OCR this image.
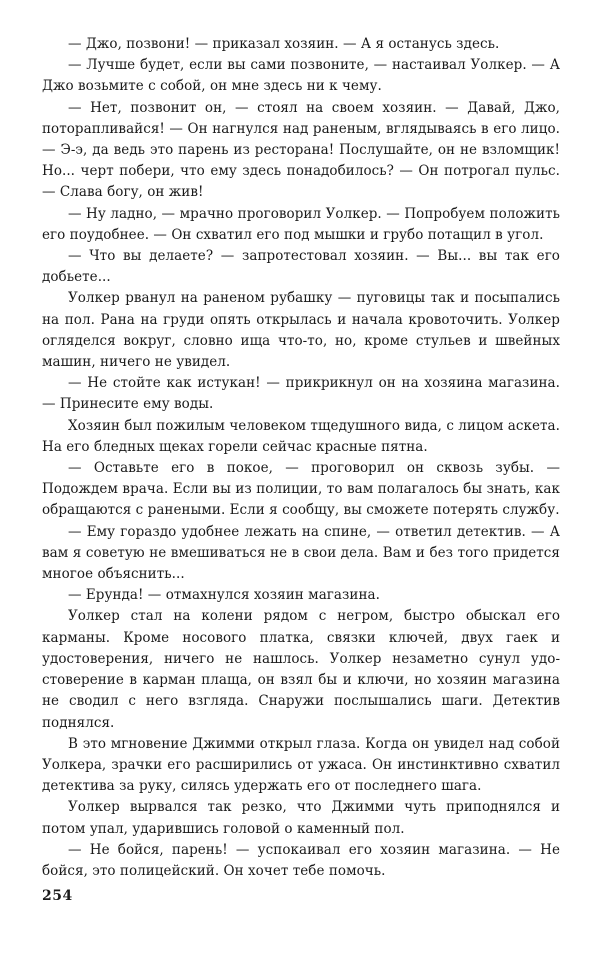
— Джо, позвони! — приказал хозяин. — А я останусь здесь.

— Лучше будет, если вы сами позвоните, — настаивал Уолкер. — А Джо возьмите с собой, он мне здесь ни к чему.

— Нет, позвонит он, — стоял на своем хозяин. — Давай, Джо, поторапливайся! — Он нагнулся над раненым, вглядываясь в его лицо. — Э-э, да ведь это парень из ресторана! Послушайте, он не взломщик! Но... черт побери, что ему здесь понадобилось? — Он потрогал пульс. — Слава богу, он жив!

— Ну ладно, — мрачно проговорил Уолкер. — Попробуем положить его поудобнее. — Он схватил его под мышки и грубо потащил в угол.

— Что вы делаете? — запротестовал хозяин. — Вы... вы так его добьете...

Уолкер рванул на раненом рубашку — пуговицы так и посыпались на пол. Рана на груди опять открылась и начала кровоточить. Уолкер огляделся вокруг, словно ища что-то, но, кроме стульев и швейных машин, ничего не увидел.

— Не стойте как истукан! — прикрикнул он на хозяина магазина. — Принесите ему воды.

Хозяин был пожилым человеком тщедушного вида, с лицом аскета. На его бледных щеках горели сейчас красные пятна.

— Оставьте его в покое, — проговорил он сквозь зубы. — Подождем врача. Если вы из полиции, то вам полагалось бы знать, как обращаются с ранеными. Если я сообщу, вы сможете потерять службу.

— Ему гораздо удобнее лежать на спине, — ответил детектив. — А вам я советую не вмешиваться не в свои дела. Вам и без того придется многое объяснить...

— Ерунда! — отмахнулся хозяин магазина.

Уолкер стал на колени рядом с негром, быстро обыскал его карманы. Кроме носового платка, связки ключей, двух гаек и удостоверения, ничего не нашлось. Уолкер незаметно сунул удостоверение в карман плаща, он взял бы и ключи, но хозяин магазина не сводил с него взгляда. Снаружи послышались шаги. Детектив поднялся.

В это мгновение Джимми открыл глаза. Когда он увидел над собой Уолкера, зрачки его расширились от ужаса. Он инстинктивно схватил детектива за руку, силясь удержать его от последнего шага.

Уолкер вырвался так резко, что Джимми чуть приподнялся и потом упал, ударившись головой о каменный пол.

— Не бойся, парень! — успокаивал его хозяин магазина. — Не бойся, это полицейский. Он хочет тебе помочь.

254
